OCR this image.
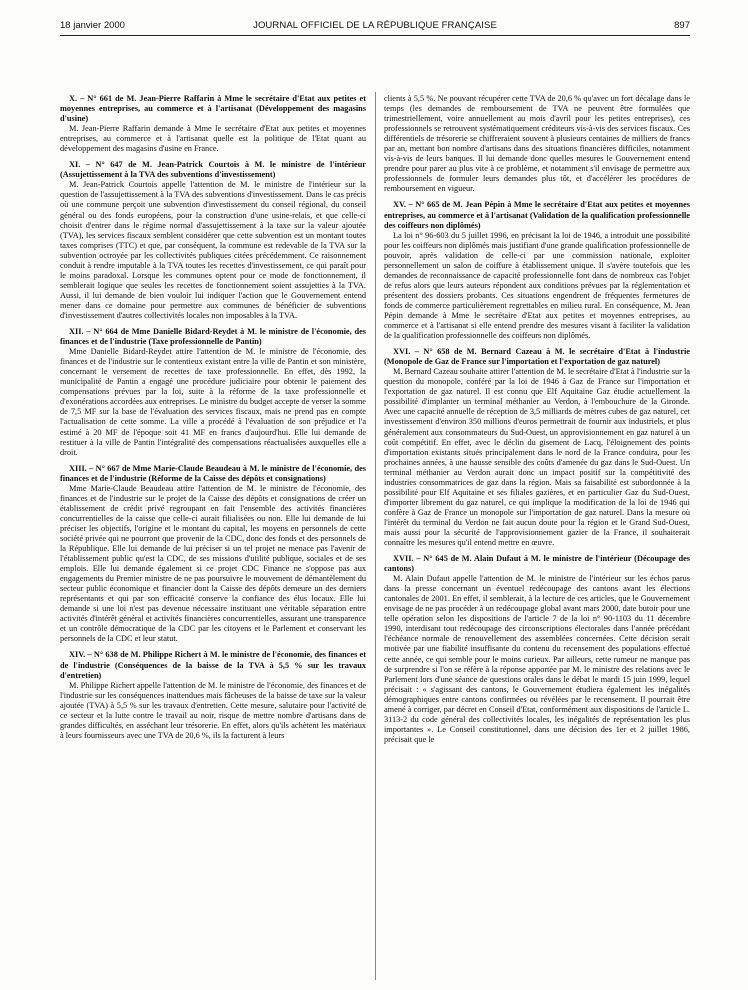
18 janvier 2000	JOURNAL OFFICIEL DE LA RÉPUBLIQUE FRANÇAISE	897
X. – N° 661 de M. Jean-Pierre Raffarin à Mme le secrétaire d'Etat aux petites et moyennes entreprises, au commerce et à l'artisanat (Développement des magasins d'usine)

M. Jean-Pierre Raffarin demande à Mme le secrétaire d'Etat aux petites et moyennes entreprises, au commerce et à l'artisanat quelle est la politique de l'Etat quant au développement des magasins d'usine en France.

XI. – N° 647 de M. Jean-Patrick Courtois à M. le ministre de l'intérieur (Assujettissement à la TVA des subventions d'investissement)

M. Jean-Patrick Courtois appelle l'attention de M. le ministre de l'intérieur sur la question de l'assujettissement à la TVA des subventions d'investissement. Dans le cas précis où une commune perçoit une subvention d'investissement du conseil régional, du conseil général ou des fonds européens, pour la construction d'une usine-relais, et que celle-ci choisit d'entrer dans le régime normal d'assujettissement à la taxe sur la valeur ajoutée (TVA), les services fiscaux semblent considérer que cette subvention est un montant toutes taxes comprises (TTC) et que, par conséquent, la commune est redevable de la TVA sur la subvention octroyée par les collectivités publiques citées précédemment. Ce raisonnement conduit à rendre imputable à la TVA toutes les recettes d'investissement, ce qui paraît pour le moins paradoxal. Lorsque les communes optent pour ce mode de fonctionnement, il semblerait logique que seules les recettes de fonctionnement soient assujetties à la TVA. Aussi, il lui demande de bien vouloir lui indiquer l'action que le Gouvernement entend mener dans ce domaine pour permettre aux communes de bénéficier de subventions d'investissement d'autres collectivités locales non imposables à la TVA.

XII. – N° 664 de Mme Danielle Bidard-Reydet à M. le ministre de l'économie, des finances et de l'industrie (Taxe professionnelle de Pantin)

Mme Danielle Bidard-Reydet attire l'attention de M. le ministre de l'économie, des finances et de l'industrie sur le contentieux existant entre la ville de Pantin et son ministère, concernant le versement de recettes de taxe professionnelle. En effet, dès 1992, la municipalité de Pantin a engagé une procédure judiciaire pour obtenir le paiement des compensations prévues par la loi, suite à la réforme de la taxe professionnelle et d'exonérations accordées aux entreprises. Le ministre du budget accepte de verser la somme de 7,5 MF sur la base de l'évaluation des services fiscaux, mais ne prend pas en compte l'actualisation de cette somme. La ville a procédé à l'évaluation de son préjudice et l'a estimé à 20 MF de l'époque soit 41 MF en francs d'aujourd'hui. Elle lui demande de restituer à la ville de Pantin l'intégralité des compensations réactualisées auxquelles elle a droit.

XIII. – N° 667 de Mme Marie-Claude Beaudeau à M. le ministre de l'économie, des finances et de l'industrie (Réforme de la Caisse des dépôts et consignations)

Mme Marie-Claude Beaudeau attire l'attention de M. le ministre de l'économie, des finances et de l'industrie sur le projet de la Caisse des dépôts et consignations de créer un établissement de crédit privé regroupant en fait l'ensemble des activités financières concurrentielles de la caisse que celle-ci aurait filialisées ou non. Elle lui demande de lui préciser les objectifs, l'origine et le montant du capital, les moyens en personnels de cette société privée qui ne pourront que provenir de la CDC, donc des fonds et des personnels de la République. Elle lui demande de lui préciser si un tel projet ne menace pas l'avenir de l'établissement public qu'est la CDC, de ses missions d'utilité publique, sociales et de ses emplois. Elle lui demande également si ce projet CDC Finance ne s'oppose pas aux engagements du Premier ministre de ne pas poursuivre le mouvement de démantèlement du secteur public économique et financier dont la Caisse des dépôts demeure un des derniers représentants et qui par son efficacité conserve la confiance des élus locaux. Elle lui demande si une loi n'est pas devenue nécessaire instituant une véritable séparation entre activités d'intérêt général et activités financières concurrentielles, assurant une transparence et un contrôle démocratique de la CDC par les citoyens et le Parlement et conservant les personnels de la CDC et leur statut.

XIV. – N° 638 de M. Philippe Richert à M. le ministre de l'économie, des finances et de l'industrie (Conséquences de la baisse de la TVA à 5,5 % sur les travaux d'entretien)

M. Philippe Richert appelle l'attention de M. le ministre de l'économie, des finances et de l'industrie sur les conséquences inattendues mais fâcheuses de la baisse de taxe sur la valeur ajoutée (TVA) à 5,5 % sur les travaux d'entretien. Cette mesure, salutaire pour l'activité de ce secteur et la lutte contre le travail au noir, risque de mettre nombre d'artisans dans de grandes difficultés, en asséchant leur trésorerie. En effet, alors qu'ils achètent les matériaux à leurs fournisseurs avec une TVA de 20,6 %, ils la facturent à leurs

clients à 5,5 %. Ne pouvant récupérer cette TVA de 20,6 % qu'avec un fort décalage dans le temps (les demandes de remboursement de TVA ne peuvent être formulées que trimestriellement, voire annuellement au mois d'avril pour les petites entreprises), ces professionnels se retrouvent systématiquement créditeurs vis-à-vis des services fiscaux. Ces différentiels de trésorerie se chiffreraient souvent à plusieurs centaines de milliers de francs par an, mettant bon nombre d'artisans dans des situations financières difficiles, notamment vis-à-vis de leurs banques. Il lui demande donc quelles mesures le Gouvernement entend prendre pour parer au plus vite à ce problème, et notamment s'il envisage de permettre aux professionnels de formuler leurs demandes plus tôt, et d'accélérer les procédures de remboursement en vigueur.

XV. – N° 665 de M. Jean Pépin à Mme le secrétaire d'Etat aux petites et moyennes entreprises, au commerce et à l'artisanat (Validation de la qualification professionnelle des coiffeurs non diplômés)

La loi n° 96-603 du 5 juillet 1996, en précisant la loi de 1946, a introduit une possibilité pour les coiffeurs non diplômés mais justifiant d'une grande qualification professionnelle de pouvoir, après validation de celle-ci par une commission nationale, exploiter personnellement un salon de coiffure à établissement unique. Il s'avère toutefois que les demandes de reconnaissance de capacité professionnelle font dans de nombreux cas l'objet de refus alors que leurs auteurs répondent aux conditions prévues par la réglementation et présentent des dossiers probants. Ces situations engendrent de fréquentes fermetures de fonds de commerce particulièrement regrettables en milieu rural. En conséquence, M. Jean Pépin demande à Mme le secrétaire d'Etat aux petites et moyennes entreprises, au commerce et à l'artisanat si elle entend prendre des mesures visant à faciliter la validation de la qualification professionnelle des coiffeurs non diplômés.

XVI. – N° 658 de M. Bernard Cazeau à M. le secrétaire d'Etat à l'industrie (Monopole de Gaz de France sur l'importation et l'exportation de gaz naturel)

M. Bernard Cazeau souhaite attirer l'attention de M. le secrétaire d'Etat à l'industrie sur la question du monopole, conféré par la loi de 1946 à Gaz de France sur l'importation et l'exportation de gaz naturel. Il est connu que Elf Aquitaine Gaz étudie actuellement la possibilité d'implanter un terminal méthanier au Verdon, à l'embouchure de la Gironde. Avec une capacité annuelle de réception de 3,5 milliards de mètres cubes de gaz naturel, cet investissement d'environ 350 millions d'euros permettrait de fournir aux industriels, et plus généralement aux consommateurs du Sud-Ouest, un approvisionnement en gaz naturel à un coût compétitif. En effet, avec le déclin du gisement de Lacq, l'éloignement des points d'importation existants situés principalement dans le nord de la France conduira, pour les prochaines années, à une hausse sensible des coûts d'amenée du gaz dans le Sud-Ouest. Un terminal méthanier au Verdon aurait donc un impact positif sur la compétitivité des industries consommatrices de gaz dans la région. Mais sa faisabilité est subordonnée à la possibilité pour Elf Aquitaine et ses filiales gazières, et en particulier Gaz du Sud-Ouest, d'importer librement du gaz naturel, ce qui implique la modification de la loi de 1946 qui confère à Gaz de France un monopole sur l'importation de gaz naturel. Dans la mesure où l'intérêt du terminal du Verdon ne fait aucun doute pour la région et le Grand Sud-Ouest, mais aussi pour la sécurité de l'approvisionnement gazier de la France, il souhaiterait connaître les mesures qu'il entend mettre en œuvre.

XVII. – N° 645 de M. Alain Dufaut à M. le ministre de l'intérieur (Découpage des cantons)

M. Alain Dufaut appelle l'attention de M. le ministre de l'intérieur sur les échos parus dans la presse concernant un éventuel redécoupage des cantons avant les élections cantonales de 2001. En effet, il semblerait, à la lecture de ces articles, que le Gouvernement envisage de ne pas procéder à un redécoupage global avant mars 2000, date butoir pour une telle opération selon les dispositions de l'article 7 de la loi n° 90-1103 du 11 décembre 1990, interdisant tout redécoupage des circonscriptions électorales dans l'année précédant l'échéance normale de renouvellement des assemblées concernées. Cette décision serait motivée par une fiabilité insuffisante du contenu du recensement des populations effectué cette année, ce qui semble pour le moins curieux. Par ailleurs, cette rumeur ne manque pas de surprendre si l'on se réfère à la réponse apportée par M. le ministre des relations avec le Parlement lors d'une séance de questions orales dans le débat le mardi 15 juin 1999, lequel précisait : « s'agissant des cantons, le Gouvernement étudiera également les inégalités démographiques entre cantons confirmées ou révélées par le recensement. Il pourrait être amené à corriger, par décret en Conseil d'Etat, conformément aux dispositions de l'article L. 3113-2 du code général des collectivités locales, les inégalités de représentation les plus importantes ». Le Conseil constitutionnel, dans une décision des 1er et 2 juillet 1986, précisait que le
